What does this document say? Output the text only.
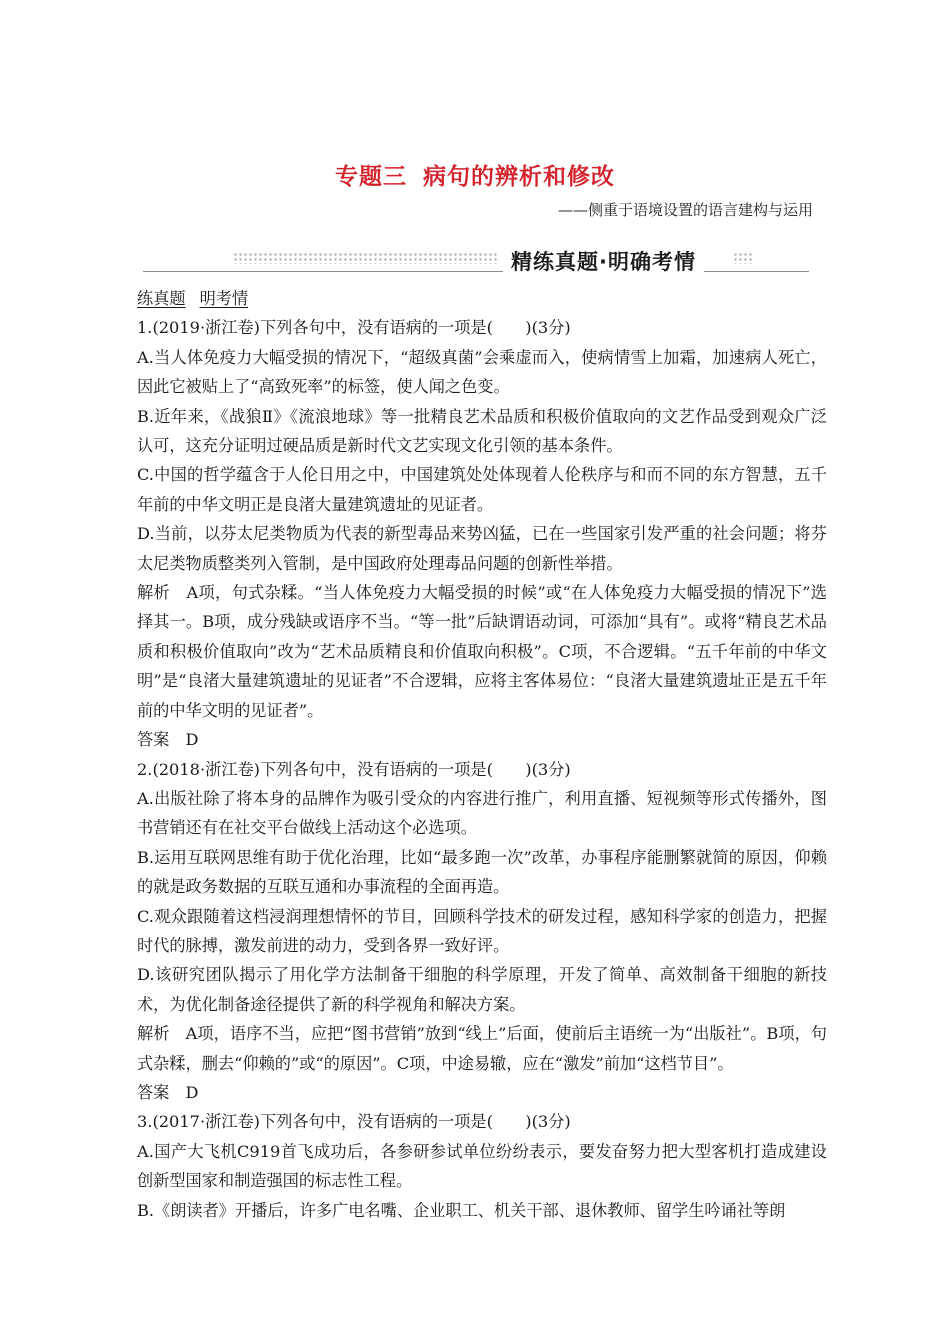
专题三 病句的辨析和修改
——侧重于语境设置的语言建构与运用
精练真题·明确考情

练真题 明考情

1.(2019·浙江卷)下列各句中，没有语病的一项是(　　)(3分)

A.当人体免疫力大幅受损的情况下，“超级真菌”会乘虚而入，使病情雪上加霜，加速病人死亡，因此它被贴上了“高致死率”的标签，使人闻之色变。

B.近年来，《战狼Ⅱ》《流浪地球》等一批精良艺术品质和积极价值取向的文艺作品受到观众广泛认可，这充分证明过硬品质是新时代文艺实现文化引领的基本条件。

C.中国的哲学蕴含于人伦日用之中，中国建筑处处体现着人伦秩序与和而不同的东方智慧，五千年前的中华文明正是良渚大量建筑遗址的见证者。

D.当前，以芬太尼类物质为代表的新型毒品来势凶猛，已在一些国家引发严重的社会问题；将芬太尼类物质整类列入管制，是中国政府处理毒品问题的创新性举措。

解析　A项，句式杂糅。“当人体免疫力大幅受损的时候”或“在人体免疫力大幅受损的情况下”选择其一。B项，成分残缺或语序不当。“等一批”后缺谓语动词，可添加“具有”。或将“精良艺术品质和积极价值取向”改为“艺术品质精良和价值取向积极”。C项，不合逻辑。“五千年前的中华文明”是“良渚大量建筑遗址的见证者”不合逻辑，应将主客体易位：“良渚大量建筑遗址正是五千年前的中华文明的见证者”。

答案　D

2.(2018·浙江卷)下列各句中，没有语病的一项是(　　)(3分)

A.出版社除了将本身的品牌作为吸引受众的内容进行推广，利用直播、短视频等形式传播外，图书营销还有在社交平台做线上活动这个必选项。

B.运用互联网思维有助于优化治理，比如“最多跑一次”改革，办事程序能删繁就简的原因，仰赖的就是政务数据的互联互通和办事流程的全面再造。

C.观众跟随着这档浸润理想情怀的节目，回顾科学技术的研发过程，感知科学家的创造力，把握时代的脉搏，激发前进的动力，受到各界一致好评。

D.该研究团队揭示了用化学方法制备干细胞的科学原理，开发了简单、高效制备干细胞的新技术，为优化制备途径提供了新的科学视角和解决方案。

解析　A项，语序不当，应把“图书营销”放到“线上”后面，使前后主语统一为“出版社”。B项，句式杂糅，删去“仰赖的”或“的原因”。C项，中途易辙，应在“激发”前加“这档节目”。

答案　D

3.(2017·浙江卷)下列各句中，没有语病的一项是(　　)(3分)

A.国产大飞机C919首飞成功后，各参研参试单位纷纷表示，要发奋努力把大型客机打造成建设创新型国家和制造强国的标志性工程。

B.《朗读者》开播后，许多广电名嘴、企业职工、机关干部、退休教师、留学生吟诵社等朗
